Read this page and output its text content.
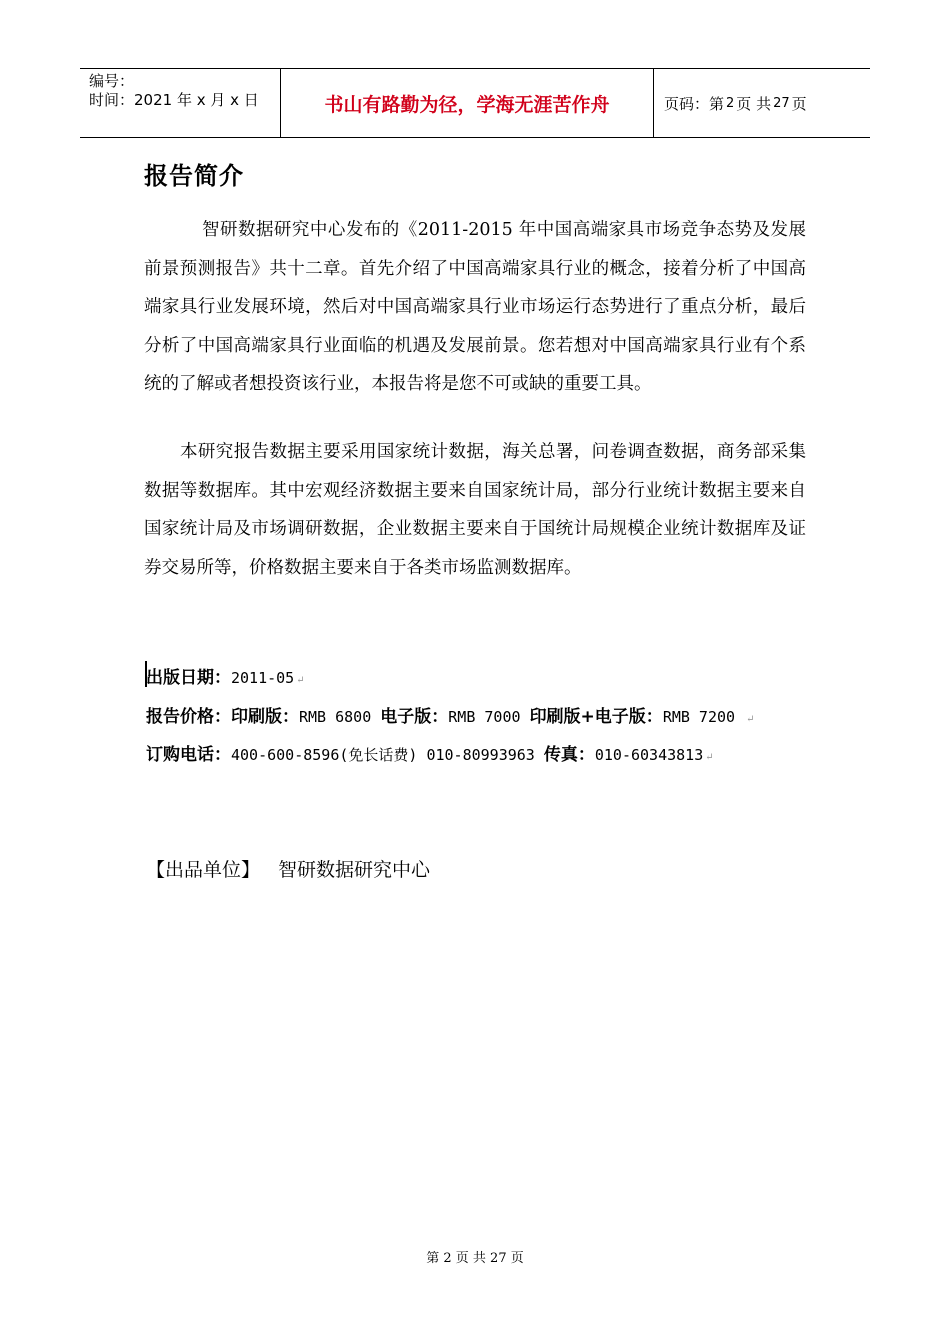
编号：
时间：2021 年 x 月 x 日	书山有路勤为径，学海无涯苦作舟	页码：第 2 页 共 27 页
报告简介
智研数据研究中心发布的《2011-2015 年中国高端家具市场竞争态势及发展前景预测报告》共十二章。首先介绍了中国高端家具行业的概念，接着分析了中国高端家具行业发展环境，然后对中国高端家具行业市场运行态势进行了重点分析，最后分析了中国高端家具行业面临的机遇及发展前景。您若想对中国高端家具行业有个系统的了解或者想投资该行业，本报告将是您不可或缺的重要工具。
本研究报告数据主要采用国家统计数据，海关总署，问卷调查数据，商务部采集数据等数据库。其中宏观经济数据主要来自国家统计局，部分行业统计数据主要来自国家统计局及市场调研数据，企业数据主要来自于国统计局规模企业统计数据库及证券交易所等，价格数据主要来自于各类市场监测数据库。
出版日期：2011-05 ↵
报告价格：印刷版：RMB 6800 电子版：RMB 7000 印刷版+电子版：RMB 7200 ↵
订购电话：400-600-8596(免长话费) 010-80993963 传真：010-60343813 ↵
【出品单位】 智研数据研究中心
第 2 页 共 27 页
